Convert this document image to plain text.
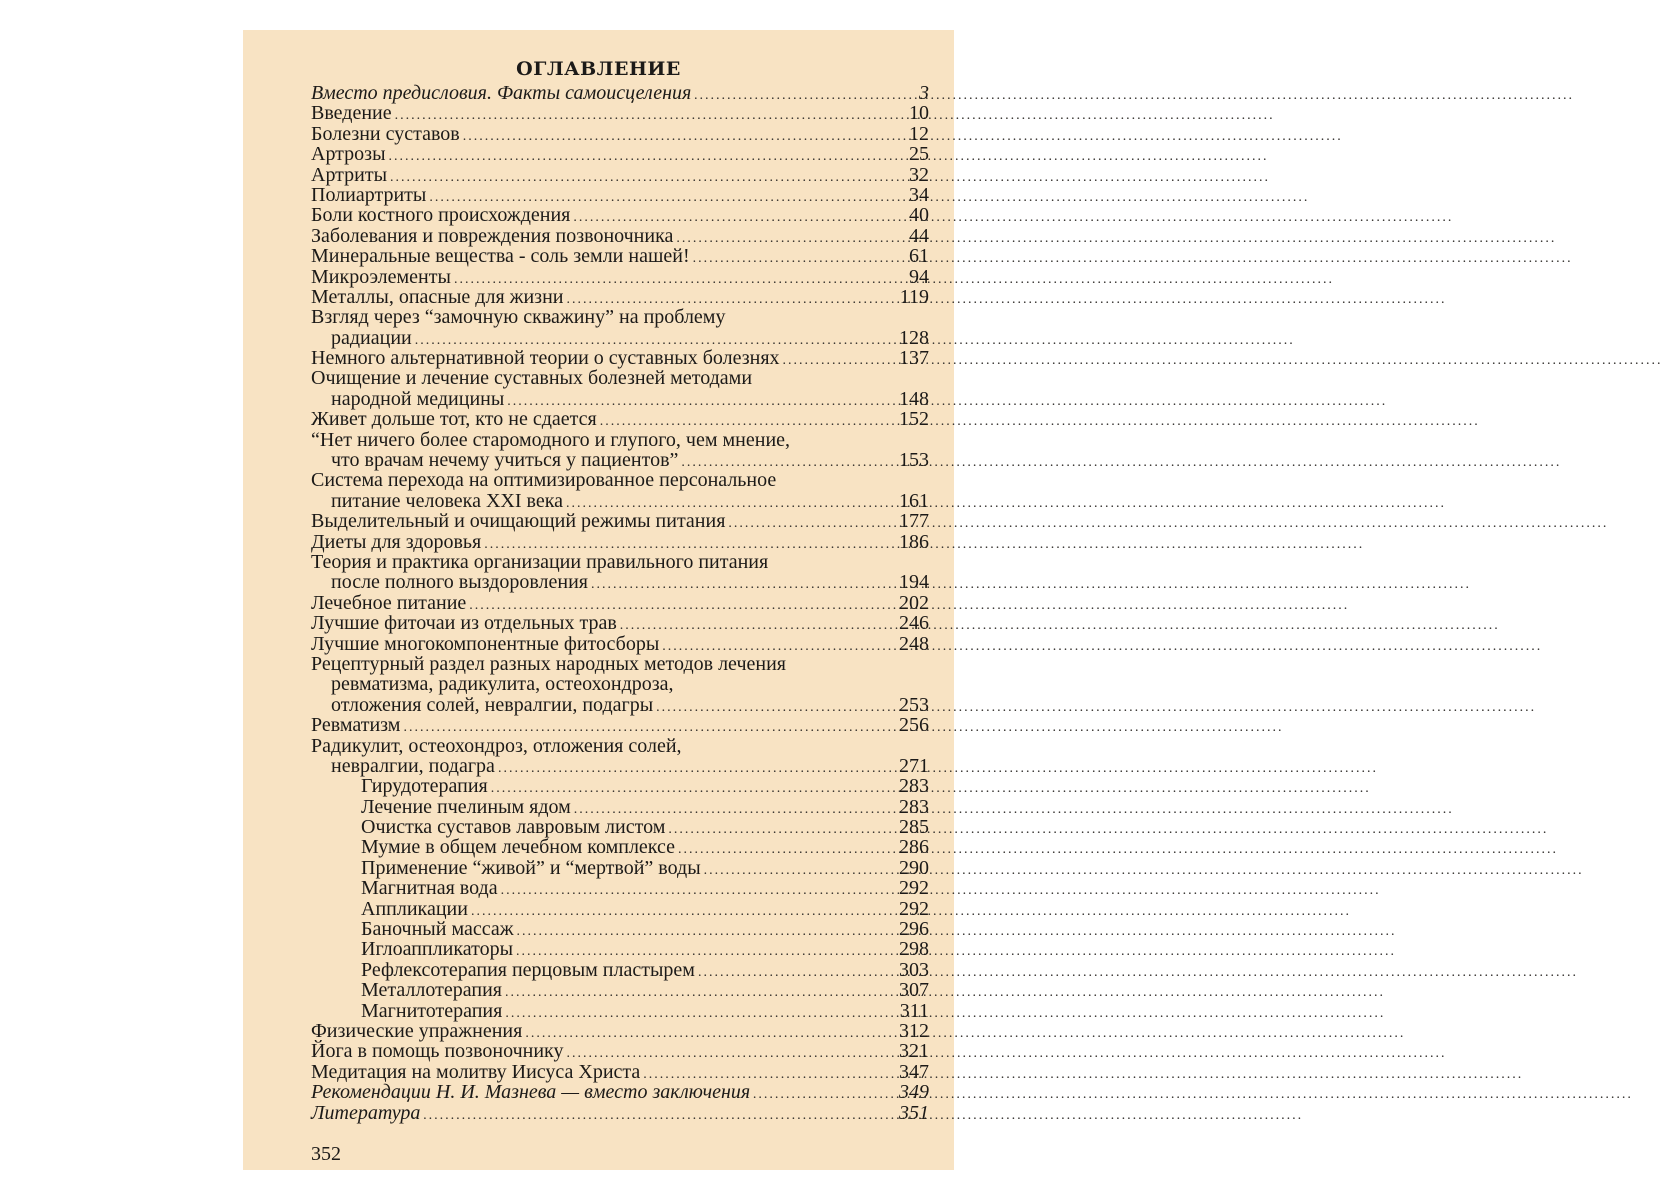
ОГЛАВЛЕНИЕ
Вместо предисловия. Факты самоисцеления .....	3
Введение .....	10
Болезни суставов .....	12
Артрозы .....	25
Артриты .....	32
Полиартриты .....	34
Боли костного происхождения .....	40
Заболевания и повреждения позвоночника .....	44
Минеральные вещества - соль земли нашей! .....	61
Микроэлементы .....	94
Металлы, опасные для жизни .....	119
Взгляд через “замочную скважину” на проблему
радиации .....	128
Немного альтернативной теории о суставных болезнях .....	137
Очищение и лечение суставных болезней методами
народной медицины .....	148
Живет дольше тот, кто не сдается .....	152
“Нет ничего более старомодного и глупого, чем мнение,
что врачам нечему учиться у пациентов” .....	153
Система перехода на оптимизированное персональное
питание человека XXI века .....	161
Выделительный и очищающий режимы питания .....	177
Диеты для здоровья .....	186
Теория и практика организации правильного питания
после полного выздоровления .....	194
Лечебное питание .....	202
Лучшие фиточаи из отдельных трав .....	246
Лучшие многокомпонентные фитосборы .....	248
Рецептурный раздел разных народных методов лечения
ревматизма, радикулита, остеохондроза,
отложения солей, невралгии, подагры .....	253
Ревматизм .....	256
Радикулит, остеохондроз, отложения солей,
невралгии, подагра .....	271
Гирудотерапия .....	283
Лечение пчелиным ядом .....	283
Очистка суставов лавровым листом .....	285
Мумие в общем лечебном комплексе .....	286
Применение “живой” и “мертвой” воды .....	290
Магнитная вода .....	292
Аппликации .....	292
Баночный массаж .....	296
Иглоаппликаторы .....	298
Рефлексотерапия перцовым пластырем .....	303
Металлотерапия .....	307
Магнитотерапия .....	311
Физические упражнения .....	312
Йога в помощь позвоночнику .....	321
Медитация на молитву Иисуса Христа .....	347
Рекомендации Н. И. Мазнева — вместо заключения .....	349
Литература .....	351
352
